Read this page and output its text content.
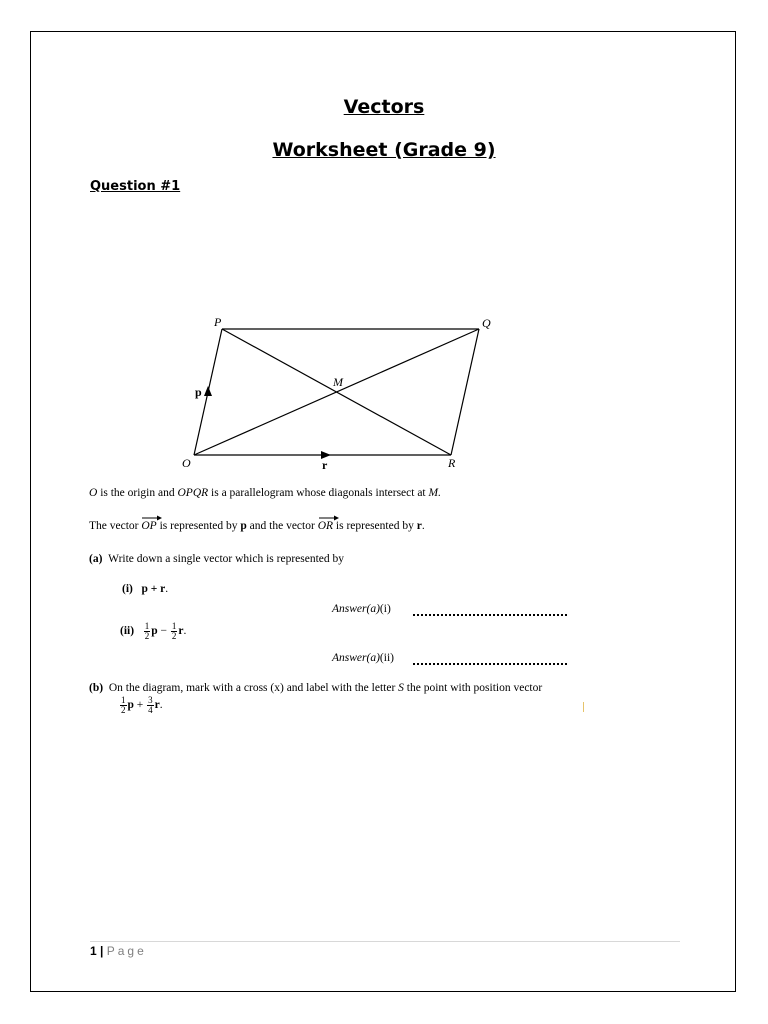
Vectors
Worksheet (Grade 9)
Question #1
P	Q
O	R
M
p
r
O is the origin and OPQR is a parallelogram whose diagonals intersect at M.
The vector
OP is represented by p and the vector
OR is represented by r.
(a) Write down a single vector which is represented by
(i) p + r.
Answer(a)(i)
$(ii) \frac{1}{2}$ $p - \frac{1}{2} r$.
Answer(a)(ii)
(b) On the diagram, mark with a cross (x) and label with the letter S the point with position vector
$\frac{1}{2}$ $p + \frac{3}{4} r$.
1 | Page
